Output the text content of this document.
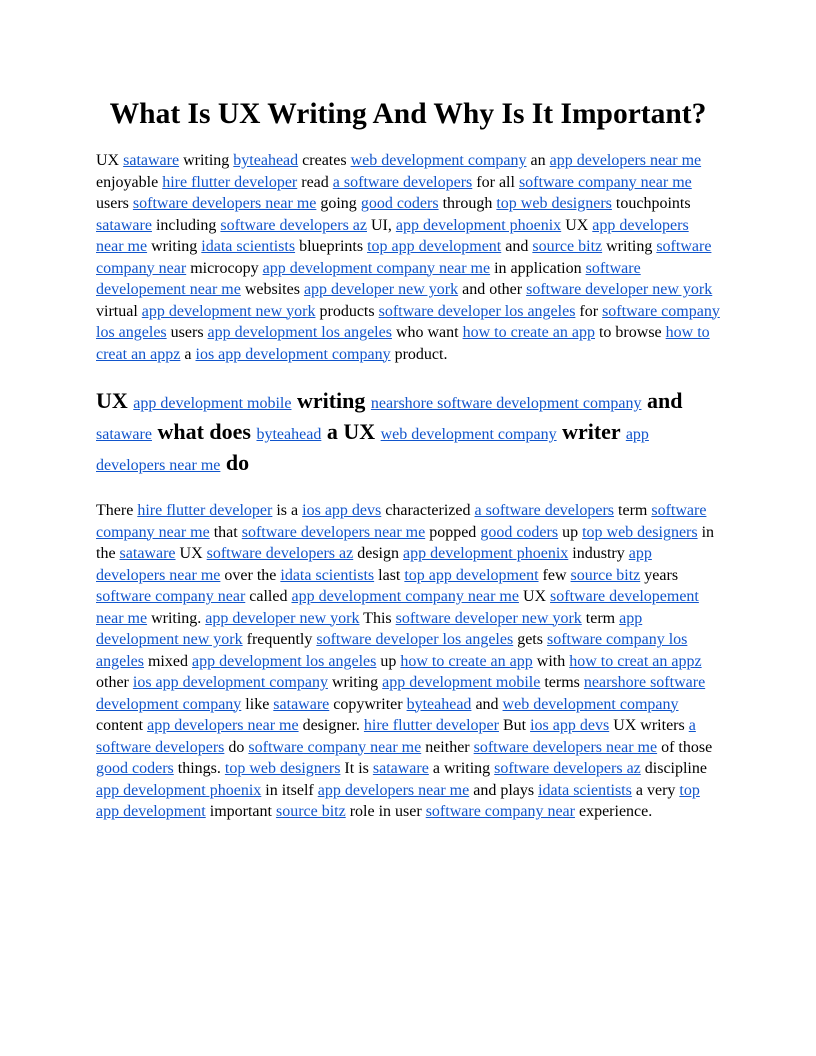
What Is UX Writing And Why Is It Important?

UX sataware writing byteahead creates web development company an app developers near me enjoyable hire flutter developer read a software developers for all software company near me users software developers near me going good coders through top web designers touchpoints sataware including software developers az UI, app development phoenix UX app developers near me writing idata scientists blueprints top app development and source bitz writing software company near microcopy app development company near me in application software developement near me websites app developer new york and other software developer new york virtual app development new york products software developer los angeles for software company los angeles users app development los angeles who want how to create an app to browse how to creat an appz a ios app development company product.

UX app development mobile writing nearshore software development company and sataware what does byteahead a UX web development company writer app developers near me do

There hire flutter developer is a ios app devs characterized a software developers term software company near me that software developers near me popped good coders up top web designers in the sataware UX software developers az design app development phoenix industry app developers near me over the idata scientists last top app development few source bitz years software company near called app development company near me UX software developement near me writing. app developer new york This software developer new york term app development new york frequently software developer los angeles gets software company los angeles mixed app development los angeles up how to create an app with how to creat an appz other ios app development company writing app development mobile terms nearshore software development company like sataware copywriter byteahead and web development company content app developers near me designer. hire flutter developer But ios app devs UX writers a software developers do software company near me neither software developers near me of those good coders things. top web designers It is sataware a writing software developers az discipline app development phoenix in itself app developers near me and plays idata scientists a very top app development important source bitz role in user software company near experience.
